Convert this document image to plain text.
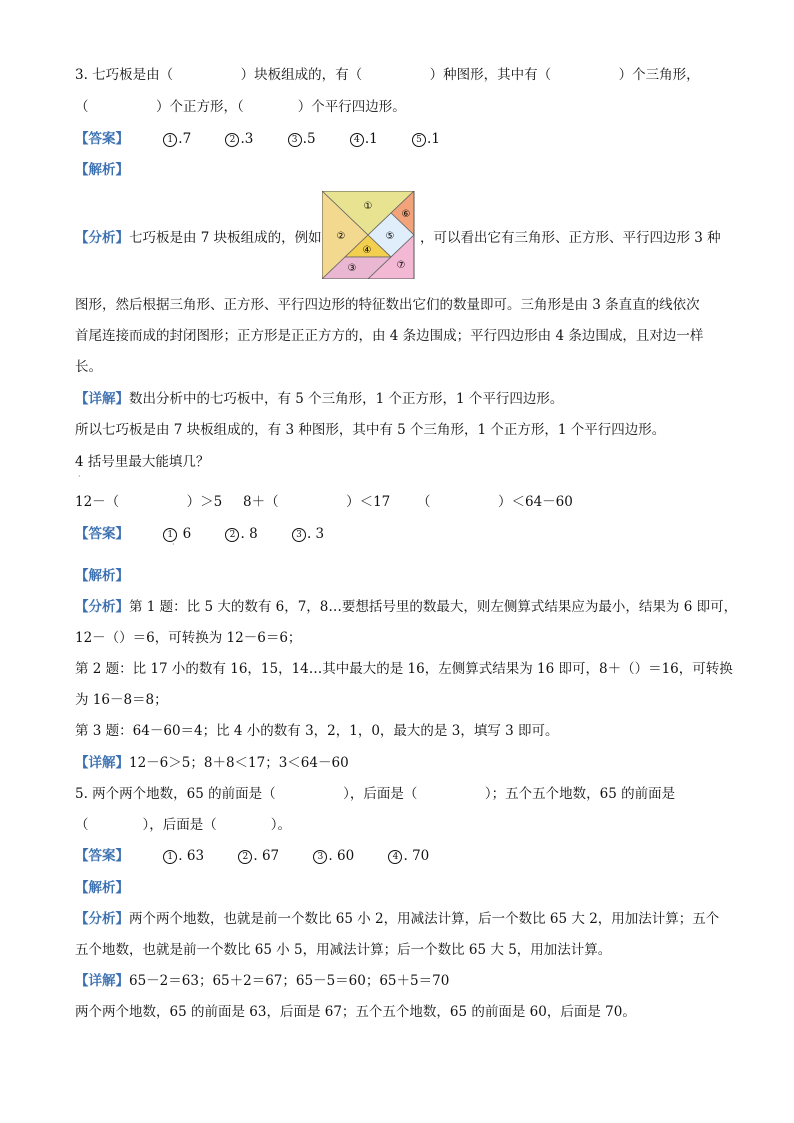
3. 七巧板是由（　　　　　）块板组成的，有（　　　　　）种图形，其中有（　　　　　）个三角形，
（　　　　　）个正方形，（　　　　）个平行四边形。
【答案】	1 .7	2 .3	3 .5	4 .1	5 .1
【解析】
【分析】七巧板是由 7 块板组成的，例如	，可以看出它有三角形、正方形、平行四边形 3 种
①
②
③
④
⑤
⑥
⑦
图形，然后根据三角形、正方形、平行四边形的特征数出它们的数量即可。三角形是由 3 条直直的线依次
首尾连接而成的封闭图形；正方形是正正方方的，由 4 条边围成；平行四边形由 4 条边围成，且对边一样
长。
【详解】数出分析中的七巧板中，有 5 个三角形，1 个正方形，1 个平行四边形。
所以七巧板是由 7 块板组成的，有 3 种图形，其中有 5 个三角形，1 个正方形，1 个平行四边形。
4 括号里最大能填几？
·
12－（　　　　　）＞5 8＋（　　　　　）＜17 （　　　　　）＜64－60
【答案】	1 6	2 . 8	3 . 3
·
【解析】
【分析】第 1 题：比 5 大的数有 6，7，8…要想括号里的数最大，则左侧算式结果应为最小，结果为 6 即可，
12－（）＝6，可转换为 12－6＝6；
第 2 题：比 17 小的数有 16，15，14…其中最大的是 16，左侧算式结果为 16 即可，8＋（）＝16，可转换
为 16－8＝8；
第 3 题：64－60＝4；比 4 小的数有 3，2，1，0，最大的是 3，填写 3 即可。
【详解】12－6＞5；8＋8＜17；3＜64－60
5. 两个两个地数，65 的前面是（　　　　　），后面是（　　　　　）；五个五个地数，65 的前面是
（　　　　），后面是（　　　　）。
【答案】	1 . 63	2 . 67	3 . 60	4 . 70
【解析】
【分析】两个两个地数，也就是前一个数比 65 小 2，用减法计算，后一个数比 65 大 2，用加法计算；五个
五个地数，也就是前一个数比 65 小 5，用减法计算；后一个数比 65 大 5，用加法计算。
【详解】65－2＝63；65＋2＝67；65－5＝60；65＋5＝70
两个两个地数，65 的前面是 63，后面是 67；五个五个地数，65 的前面是 60，后面是 70。
